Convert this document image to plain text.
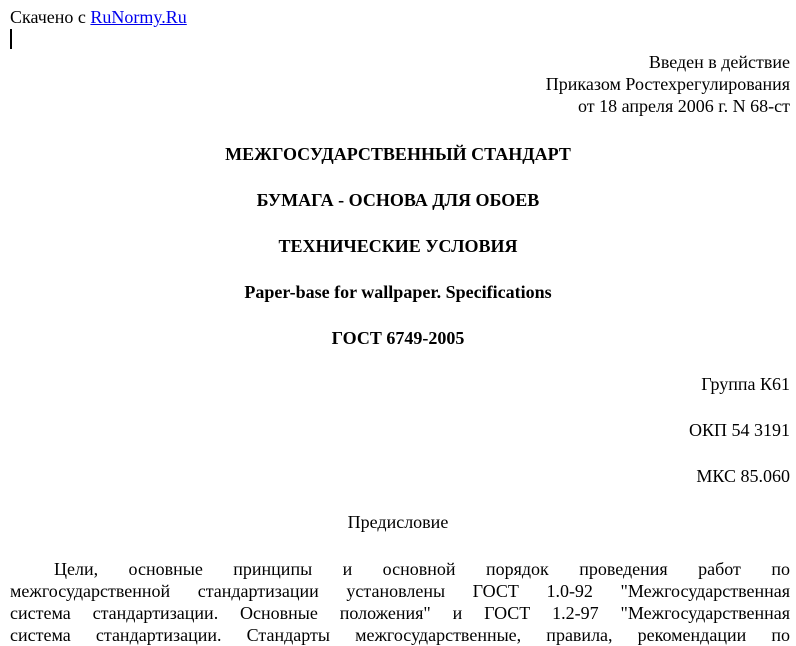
Скачено с RuNormy.Ru
Введен в действие
Приказом Ростехрегулирования
от 18 апреля 2006 г. N 68-ст
МЕЖГОСУДАРСТВЕННЫЙ СТАНДАРТ
БУМАГА - ОСНОВА ДЛЯ ОБОЕВ
ТЕХНИЧЕСКИЕ УСЛОВИЯ
Paper-base for wallpaper. Specifications
ГОСТ 6749-2005
Группа К61
ОКП 54 3191
МКС 85.060
Предисловие
Цели, основные принципы и основной порядок проведения работ по
межгосударственной стандартизации установлены ГОСТ 1.0-92 "Межгосударственная
система стандартизации. Основные положения" и ГОСТ 1.2-97 "Межгосударственная
система стандартизации. Стандарты межгосударственные, правила, рекомендации по
